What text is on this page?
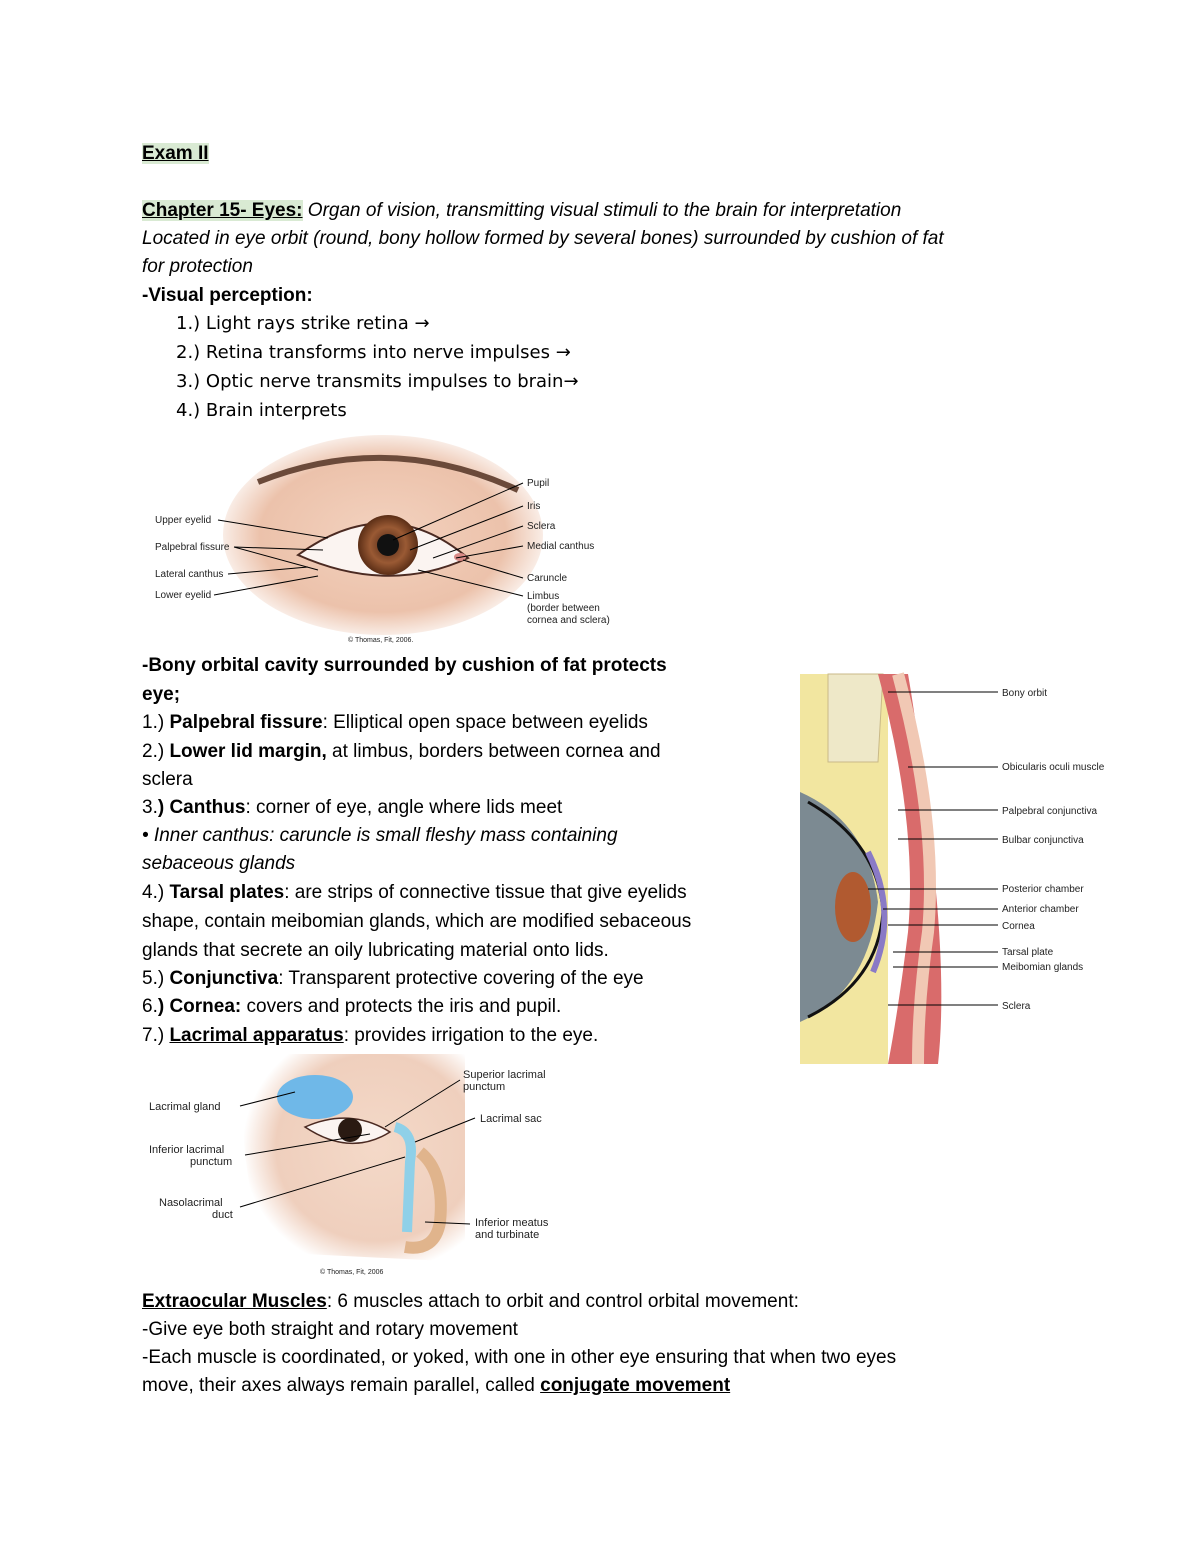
Exam II
Chapter 15- Eyes: Organ of vision, transmitting visual stimuli to the brain for interpretation
Located in eye orbit (round, bony hollow formed by several bones) surrounded by cushion of fat
for protection
-Visual perception:
1.) Light rays strike retina →
2.) Retina transforms into nerve impulses →
3.) Optic nerve transmits impulses to brain→
4.) Brain interprets
Upper eyelid
Palpebral fissure
Lateral canthus
Lower eyelid
Pupil
Iris
Sclera
Medial canthus
Caruncle
Limbus
(border between
cornea and sclera)
© Thomas, Fit, 2006.
-Bony orbital cavity surrounded by cushion of fat protects
eye;
1.) Palpebral fissure: Elliptical open space between eyelids
2.) Lower lid margin, at limbus, borders between cornea and
sclera
3.) Canthus: corner of eye, angle where lids meet
• Inner canthus: caruncle is small fleshy mass containing
sebaceous glands
4.) Tarsal plates: are strips of connective tissue that give eyelids
shape, contain meibomian glands, which are modified sebaceous
glands that secrete an oily lubricating material onto lids.
5.) Conjunctiva: Transparent protective covering of the eye
6.) Cornea: covers and protects the iris and pupil.
7.) Lacrimal apparatus: provides irrigation to the eye.
Bony orbit
Obicularis oculi muscle
Palpebral conjunctiva
Bulbar conjunctiva
Posterior chamber
Anterior chamber
Cornea
Tarsal plate
Meibomian glands
Sclera
Superior lacrimal
punctum
Lacrimal sac
Lacrimal gland
Inferior lacrimal
punctum
Nasolacrimal
duct
Inferior meatus
and turbinate
© Thomas, Fit, 2006
Extraocular Muscles: 6 muscles attach to orbit and control orbital movement:
-Give eye both straight and rotary movement
-Each muscle is coordinated, or yoked, with one in other eye ensuring that when two eyes
move, their axes always remain parallel, called conjugate movement
